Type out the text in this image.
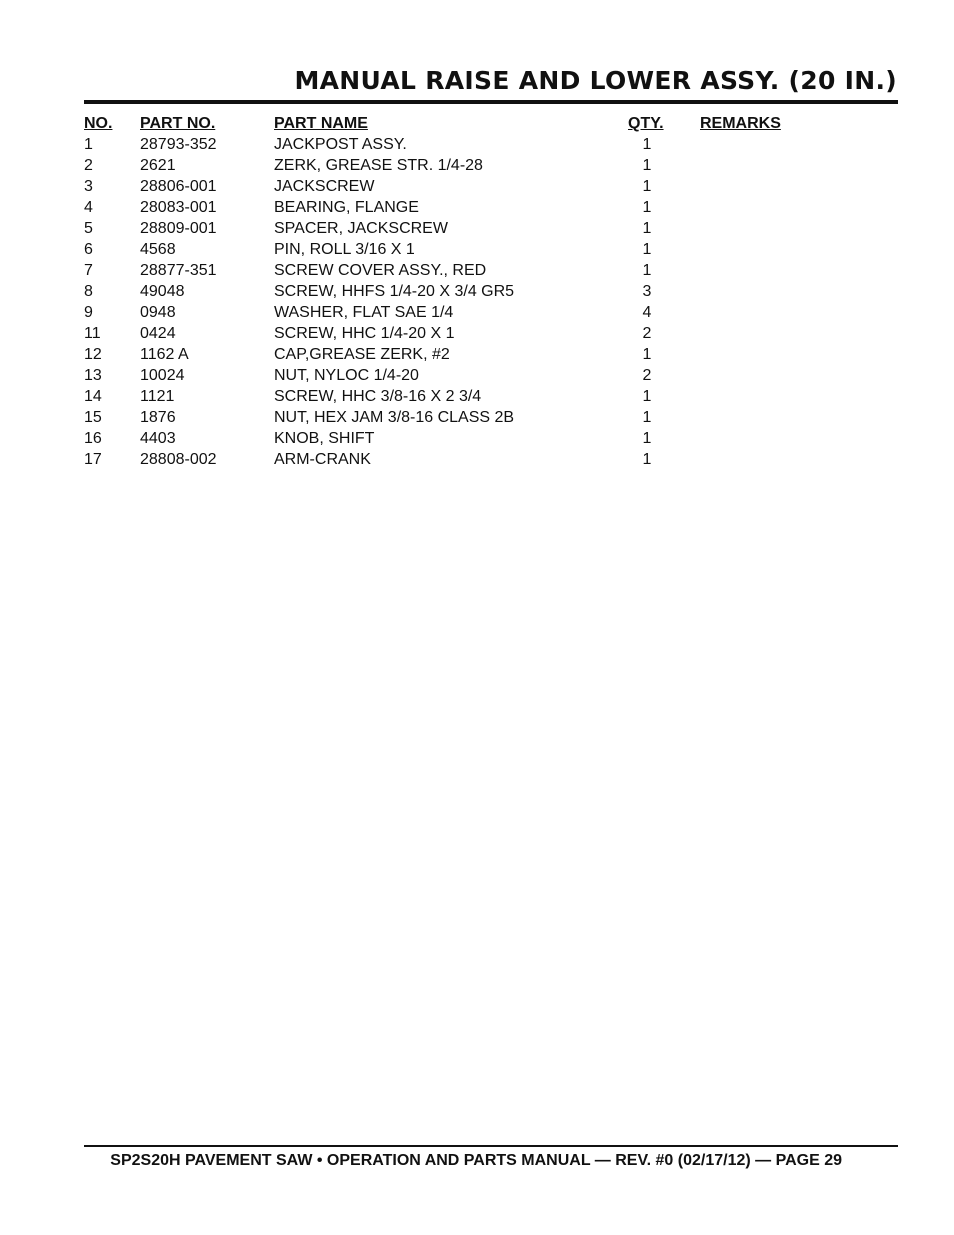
MANUAL RAISE AND LOWER ASSY. (20 IN.)
NO.	PART NO.	PART NAME	QTY.	REMARKS
1	28793-352	JACKPOST ASSY.	1	
2	2621	ZERK, GREASE STR. 1/4-28	1	
3	28806-001	JACKSCREW	1	
4	28083-001	BEARING, FLANGE	1	
5	28809-001	SPACER, JACKSCREW	1	
6	4568	PIN, ROLL 3/16 X 1	1	
7	28877-351	SCREW COVER ASSY., RED	1	
8	49048	SCREW, HHFS 1/4-20 X 3/4 GR5	3	
9	0948	WASHER, FLAT SAE 1/4	4	
11	0424	SCREW, HHC 1/4-20 X 1	2	
12	1162 A	CAP,GREASE ZERK, #2	1	
13	10024	NUT, NYLOC 1/4-20	2	
14	1121	SCREW, HHC 3/8-16 X 2 3/4	1	
15	1876	NUT, HEX JAM 3/8-16 CLASS 2B	1	
16	4403	KNOB, SHIFT	1	
17	28808-002	ARM-CRANK	1	
SP2S20H PAVEMENT SAW • OPERATION AND PARTS MANUAL — REV. #0 (02/17/12) — PAGE 29
